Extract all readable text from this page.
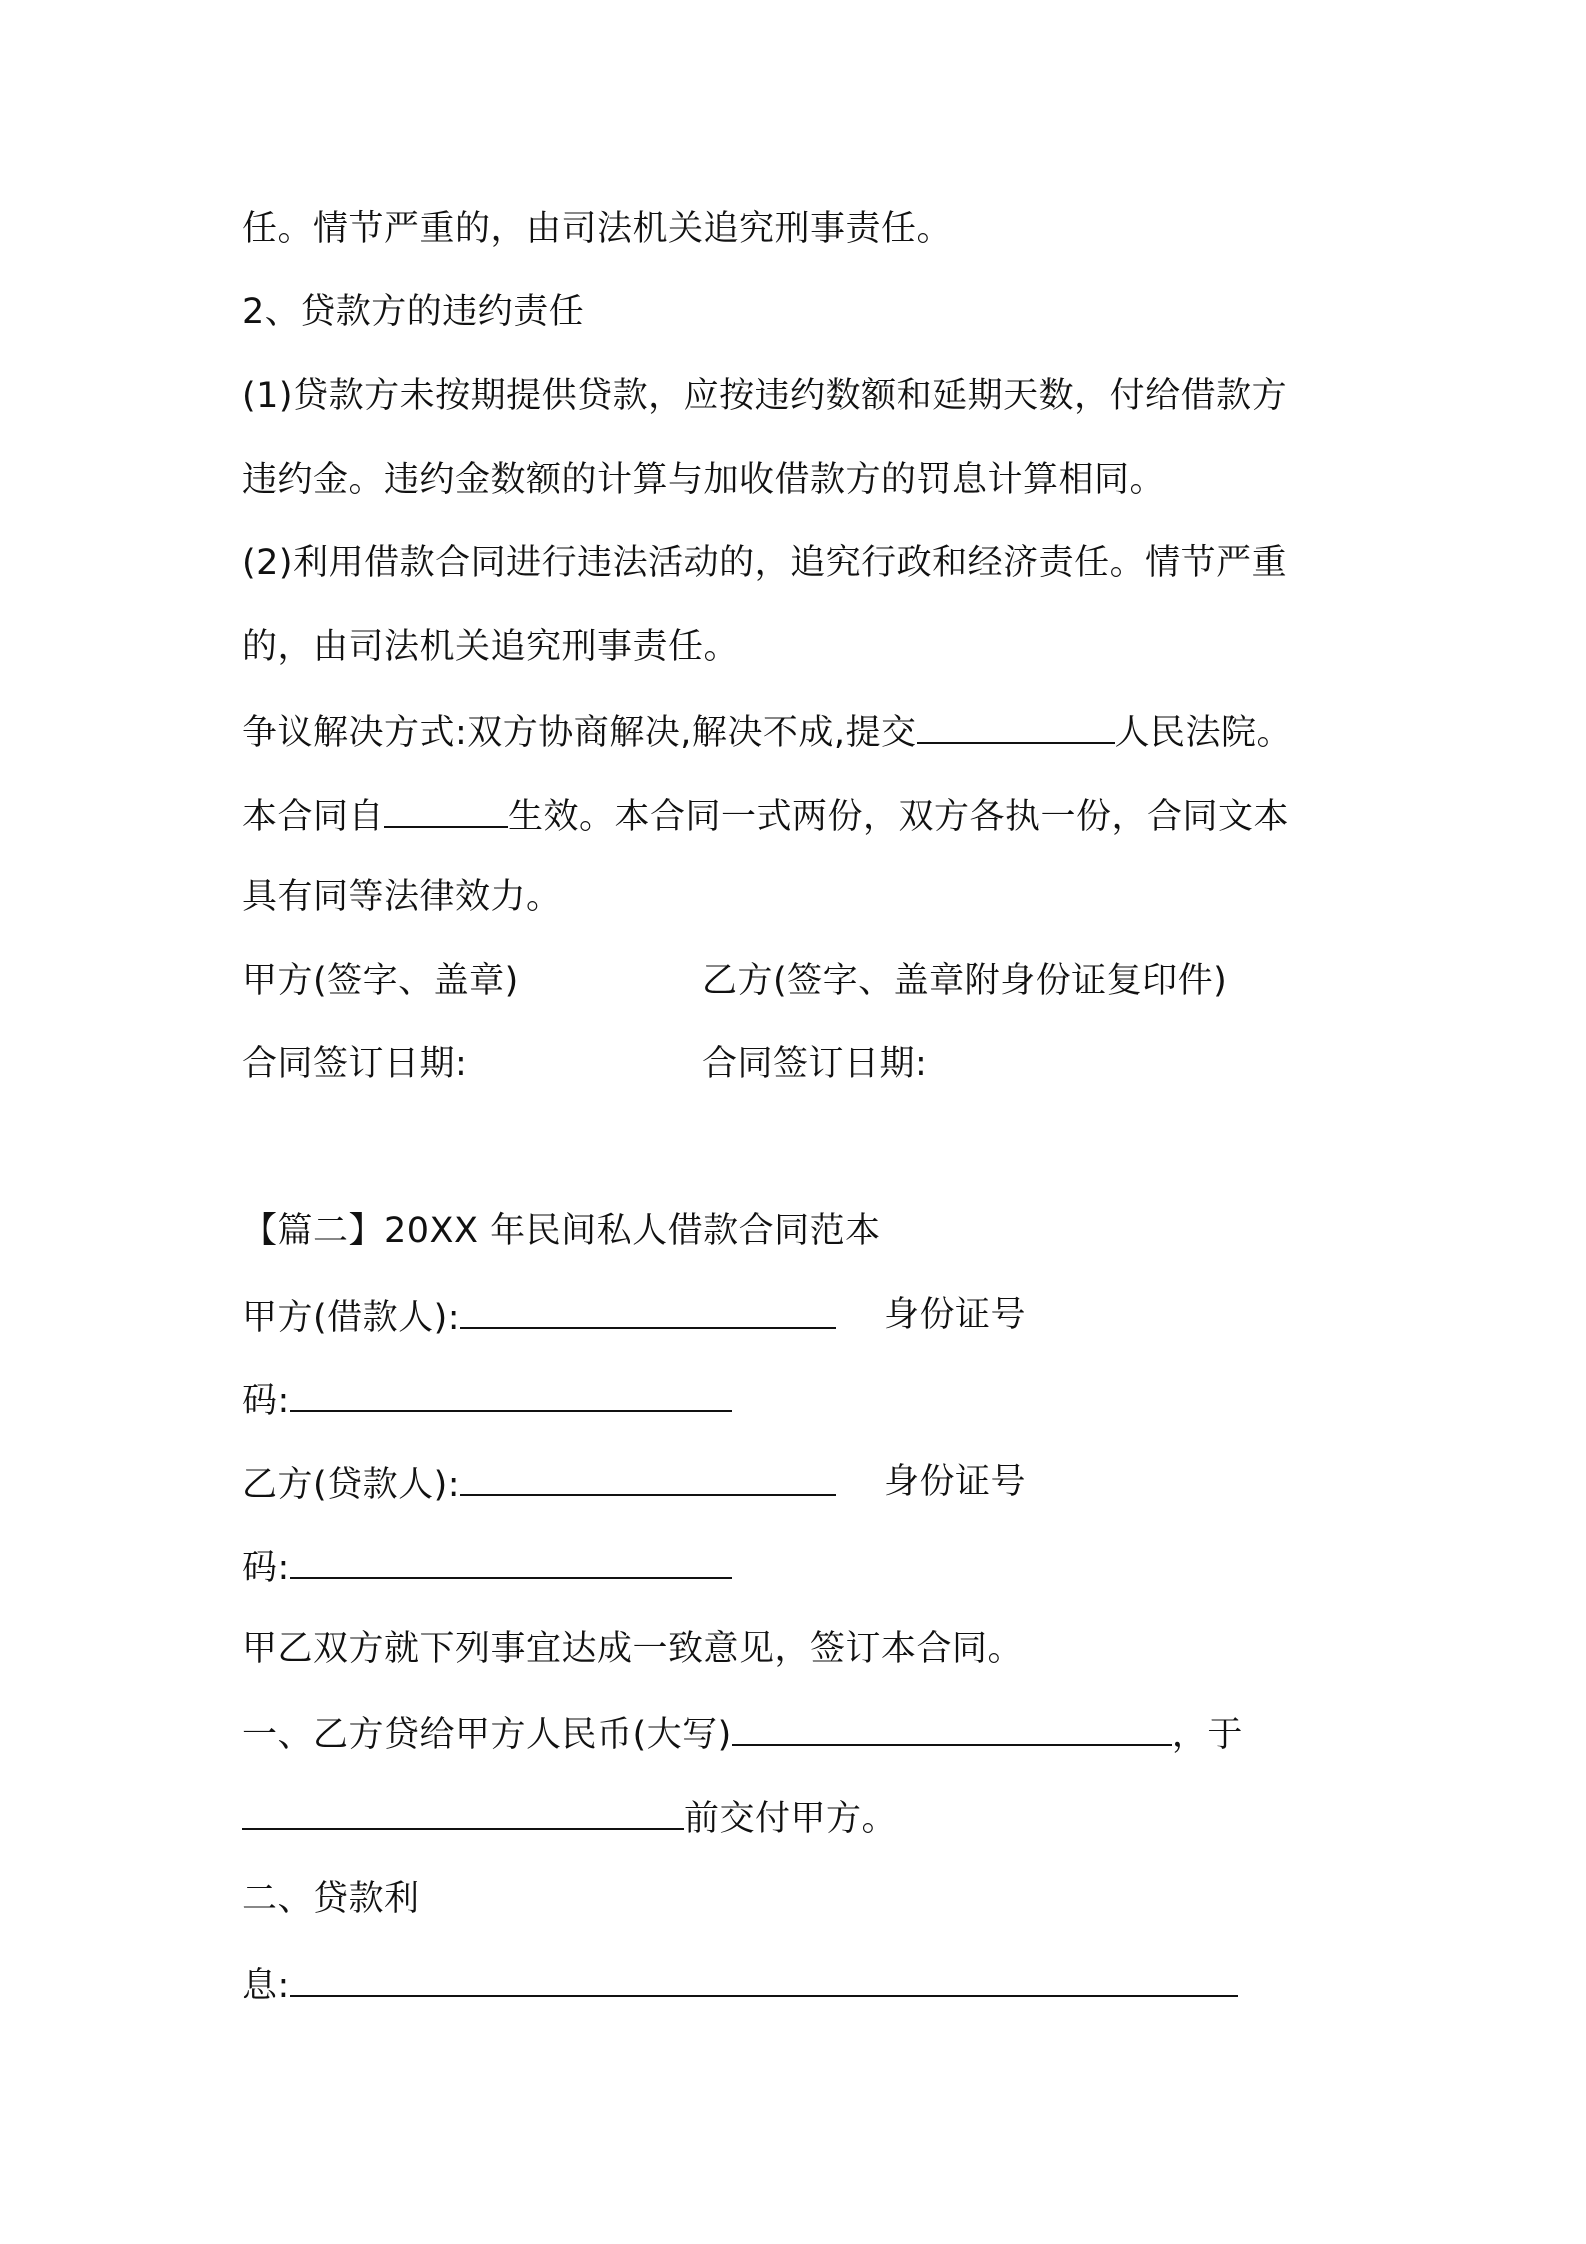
任。情节严重的，由司法机关追究刑事责任。
2、贷款方的违约责任
(1)贷款方未按期提供贷款，应按违约数额和延期天数，付给借款方
违约金。违约金数额的计算与加收借款方的罚息计算相同。
(2)利用借款合同进行违法活动的，追究行政和经济责任。情节严重
的，由司法机关追究刑事责任。
争议解决方式:双方协商解决,解决不成,提交	人民法院。
本合同自	生效。本合同一式两份，双方各执一份，合同文本
具有同等法律效力。
甲方(签字、盖章)	乙方(签字、盖章附身份证复印件)
合同签订日期:	合同签订日期:
【篇二】20XX 年民间私人借款合同范本
甲方(借款人):	身份证号
码:
乙方(贷款人):	身份证号
码:
甲乙双方就下列事宜达成一致意见，签订本合同。
一、乙方贷给甲方人民币(大写)	，于
前交付甲方。
二、贷款利
息:
